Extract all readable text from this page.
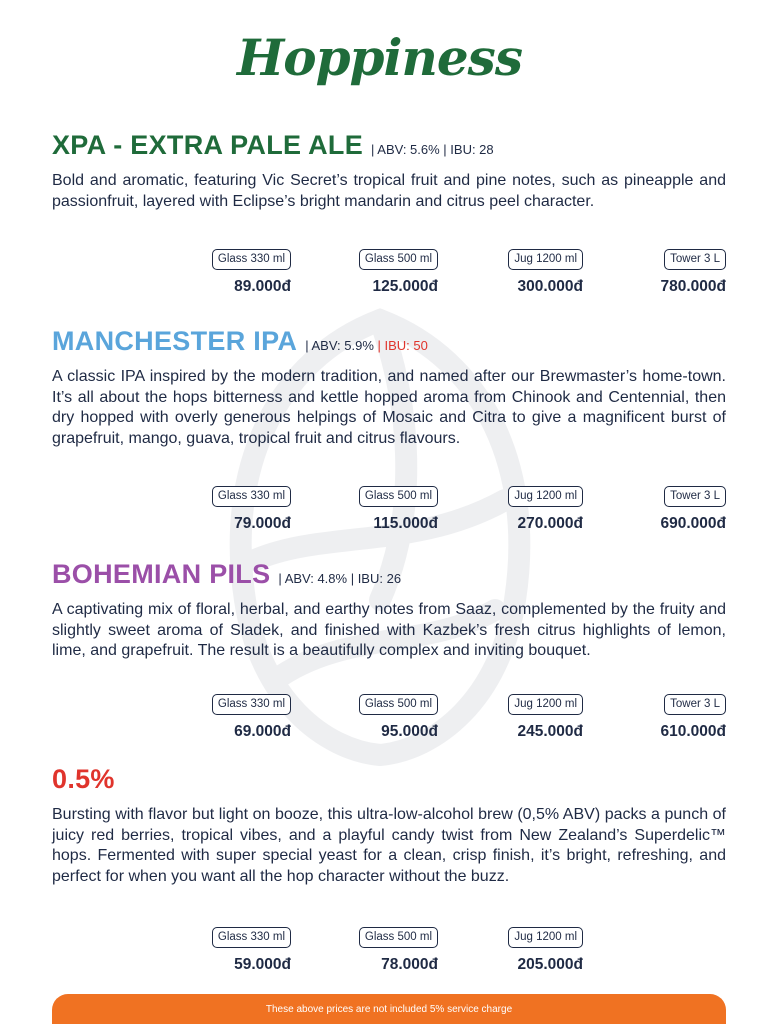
Hoppiness
XPA - EXTRA PALE ALE | ABV: 5.6% | IBU: 28
Bold and aromatic, featuring Vic Secret’s tropical fruit and pine notes, such as pineapple and passionfruit, layered with Eclipse’s bright mandarin and citrus peel character.
Glass 330 ml
89.000đ
Glass 500 ml
125.000đ
Jug 1200 ml
300.000đ
Tower 3 L
780.000đ
MANCHESTER IPA | ABV: 5.9% | IBU: 50
A classic IPA inspired by the modern tradition, and named after our Brewmaster’s home-town. It’s all about the hops bitterness and kettle hopped aroma from Chinook and Centennial, then dry hopped with overly generous helpings of Mosaic and Citra to give a magnificent burst of grapefruit, mango, guava, tropical fruit and citrus flavours.
Glass 330 ml
79.000đ
Glass 500 ml
115.000đ
Jug 1200 ml
270.000đ
Tower 3 L
690.000đ
BOHEMIAN PILS | ABV: 4.8% | IBU: 26
A captivating mix of floral, herbal, and earthy notes from Saaz, complemented by the fruity and slightly sweet aroma of Sladek, and finished with Kazbek’s fresh citrus highlights of lemon, lime, and grapefruit. The result is a beautifully complex and inviting bouquet.
Glass 330 ml
69.000đ
Glass 500 ml
95.000đ
Jug 1200 ml
245.000đ
Tower 3 L
610.000đ
0.5%
Bursting with flavor but light on booze, this ultra-low-alcohol brew (0,5% ABV) packs a punch of juicy red berries, tropical vibes, and a playful candy twist from New Zealand’s Superdelic™ hops. Fermented with super special yeast for a clean, crisp finish, it’s bright, refreshing, and perfect for when you want all the hop character without the buzz.
Glass 330 ml
59.000đ
Glass 500 ml
78.000đ
Jug 1200 ml
205.000đ
These above prices are not included 5% service charge
